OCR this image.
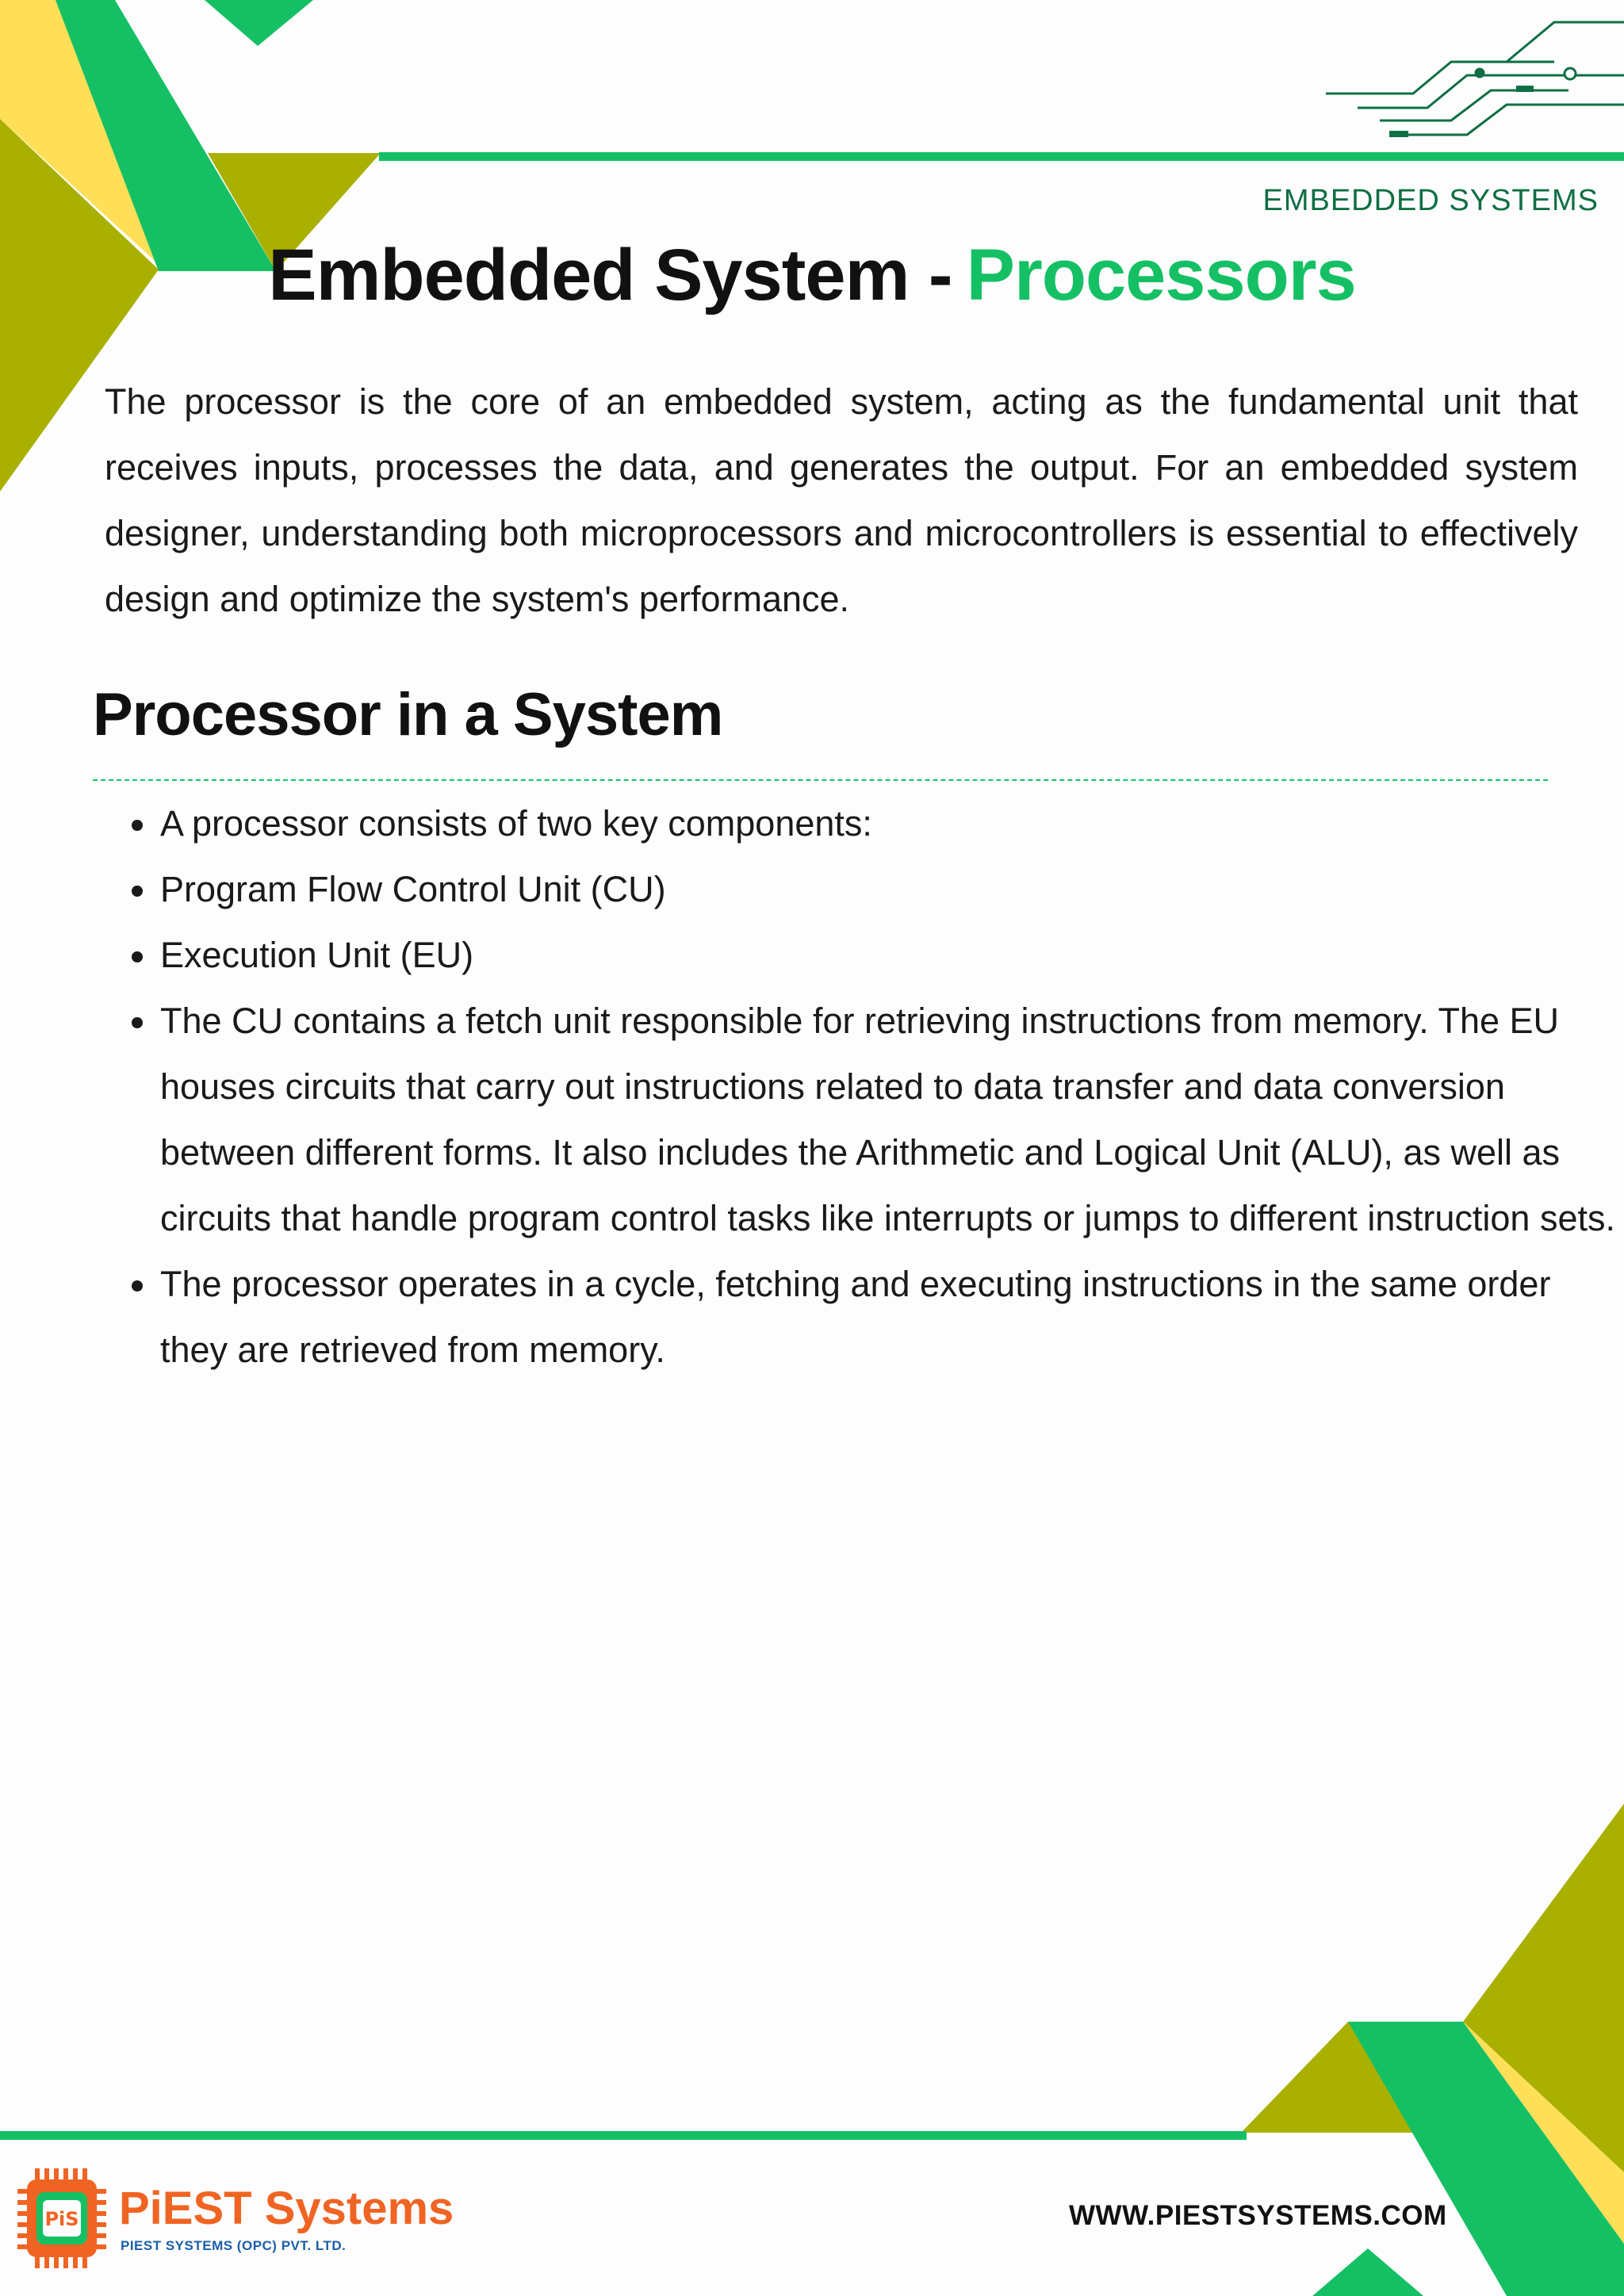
EMBEDDED SYSTEMS
Embedded System - Processors

The processor is the core of an embedded system, acting as the fundamental unit that receives inputs, processes the data, and generates the output. For an embedded system designer, understanding both microprocessors and microcontrollers is essential to effectively design and optimize the system's performance.

Processor in a System
• A processor consists of two key components:
• Program Flow Control Unit (CU)
• Execution Unit (EU)
• The CU contains a fetch unit responsible for retrieving instructions from memory. The EU houses circuits that carry out instructions related to data transfer and data conversion between different forms. It also includes the Arithmetic and Logical Unit (ALU), as well as circuits that handle program control tasks like interrupts or jumps to different instruction sets.
• The processor operates in a cycle, fetching and executing instructions in the same order they are retrieved from memory.
PiS PiEST Systems
PIEST SYSTEMS (OPC) PVT. LTD.
WWW.PIESTSYSTEMS.COM
